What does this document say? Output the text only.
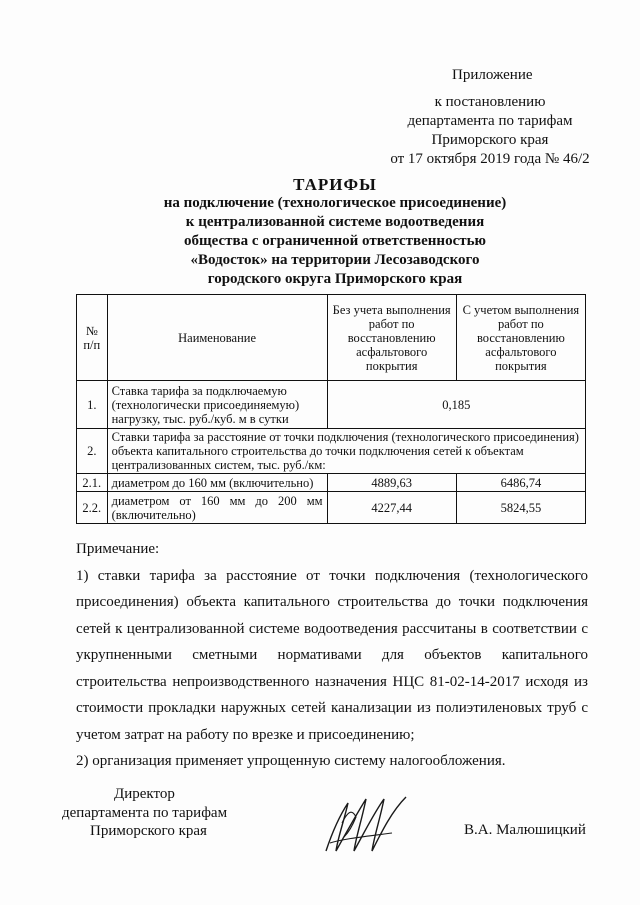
Приложение
к постановлению
департамента по тарифам
Приморского края
от 17 октября 2019 года № 46/2
ТАРИФЫ
на подключение (технологическое присоединение)
к централизованной системе водоотведения
общества с ограниченной ответственностью
«Водосток» на территории Лесозаводского
городского округа Приморского края
№ п/п	Наименование	Без учета выполнения работ по восстановлению асфальтового покрытия	С учетом выполнения работ по восстановлению асфальтового покрытия
1.	Ставка тарифа за подключаемую (технологически присоединяемую) нагрузку, тыс. руб./куб. м в сутки	0,185	
2.	Ставки тарифа за расстояние от точки подключения (технологического присоединения) объекта капитального строительства до точки подключения сетей к объектам централизованных систем, тыс. руб./км:		
2.1.	диаметром до 160 мм (включительно)	4889,63	6486,74
2.2.	диаметром от 160 мм до 200 мм (включительно)	4227,44	5824,55
Примечание:
1) ставки тарифа за расстояние от точки подключения (технологического присоединения) объекта капитального строительства до точки подключения сетей к централизованной системе водоотведения рассчитаны в соответствии с укрупненными сметными нормативами для объектов капитального строительства непроизводственного назначения НЦС 81-02-14-2017 исходя из стоимости прокладки наружных сетей канализации из полиэтиленовых труб с учетом затрат на работу по врезке и присоединению;
2) организация применяет упрощенную систему налогообложения.
Директор
департамента по тарифам
Приморского края	В.А. Малюшицкий
